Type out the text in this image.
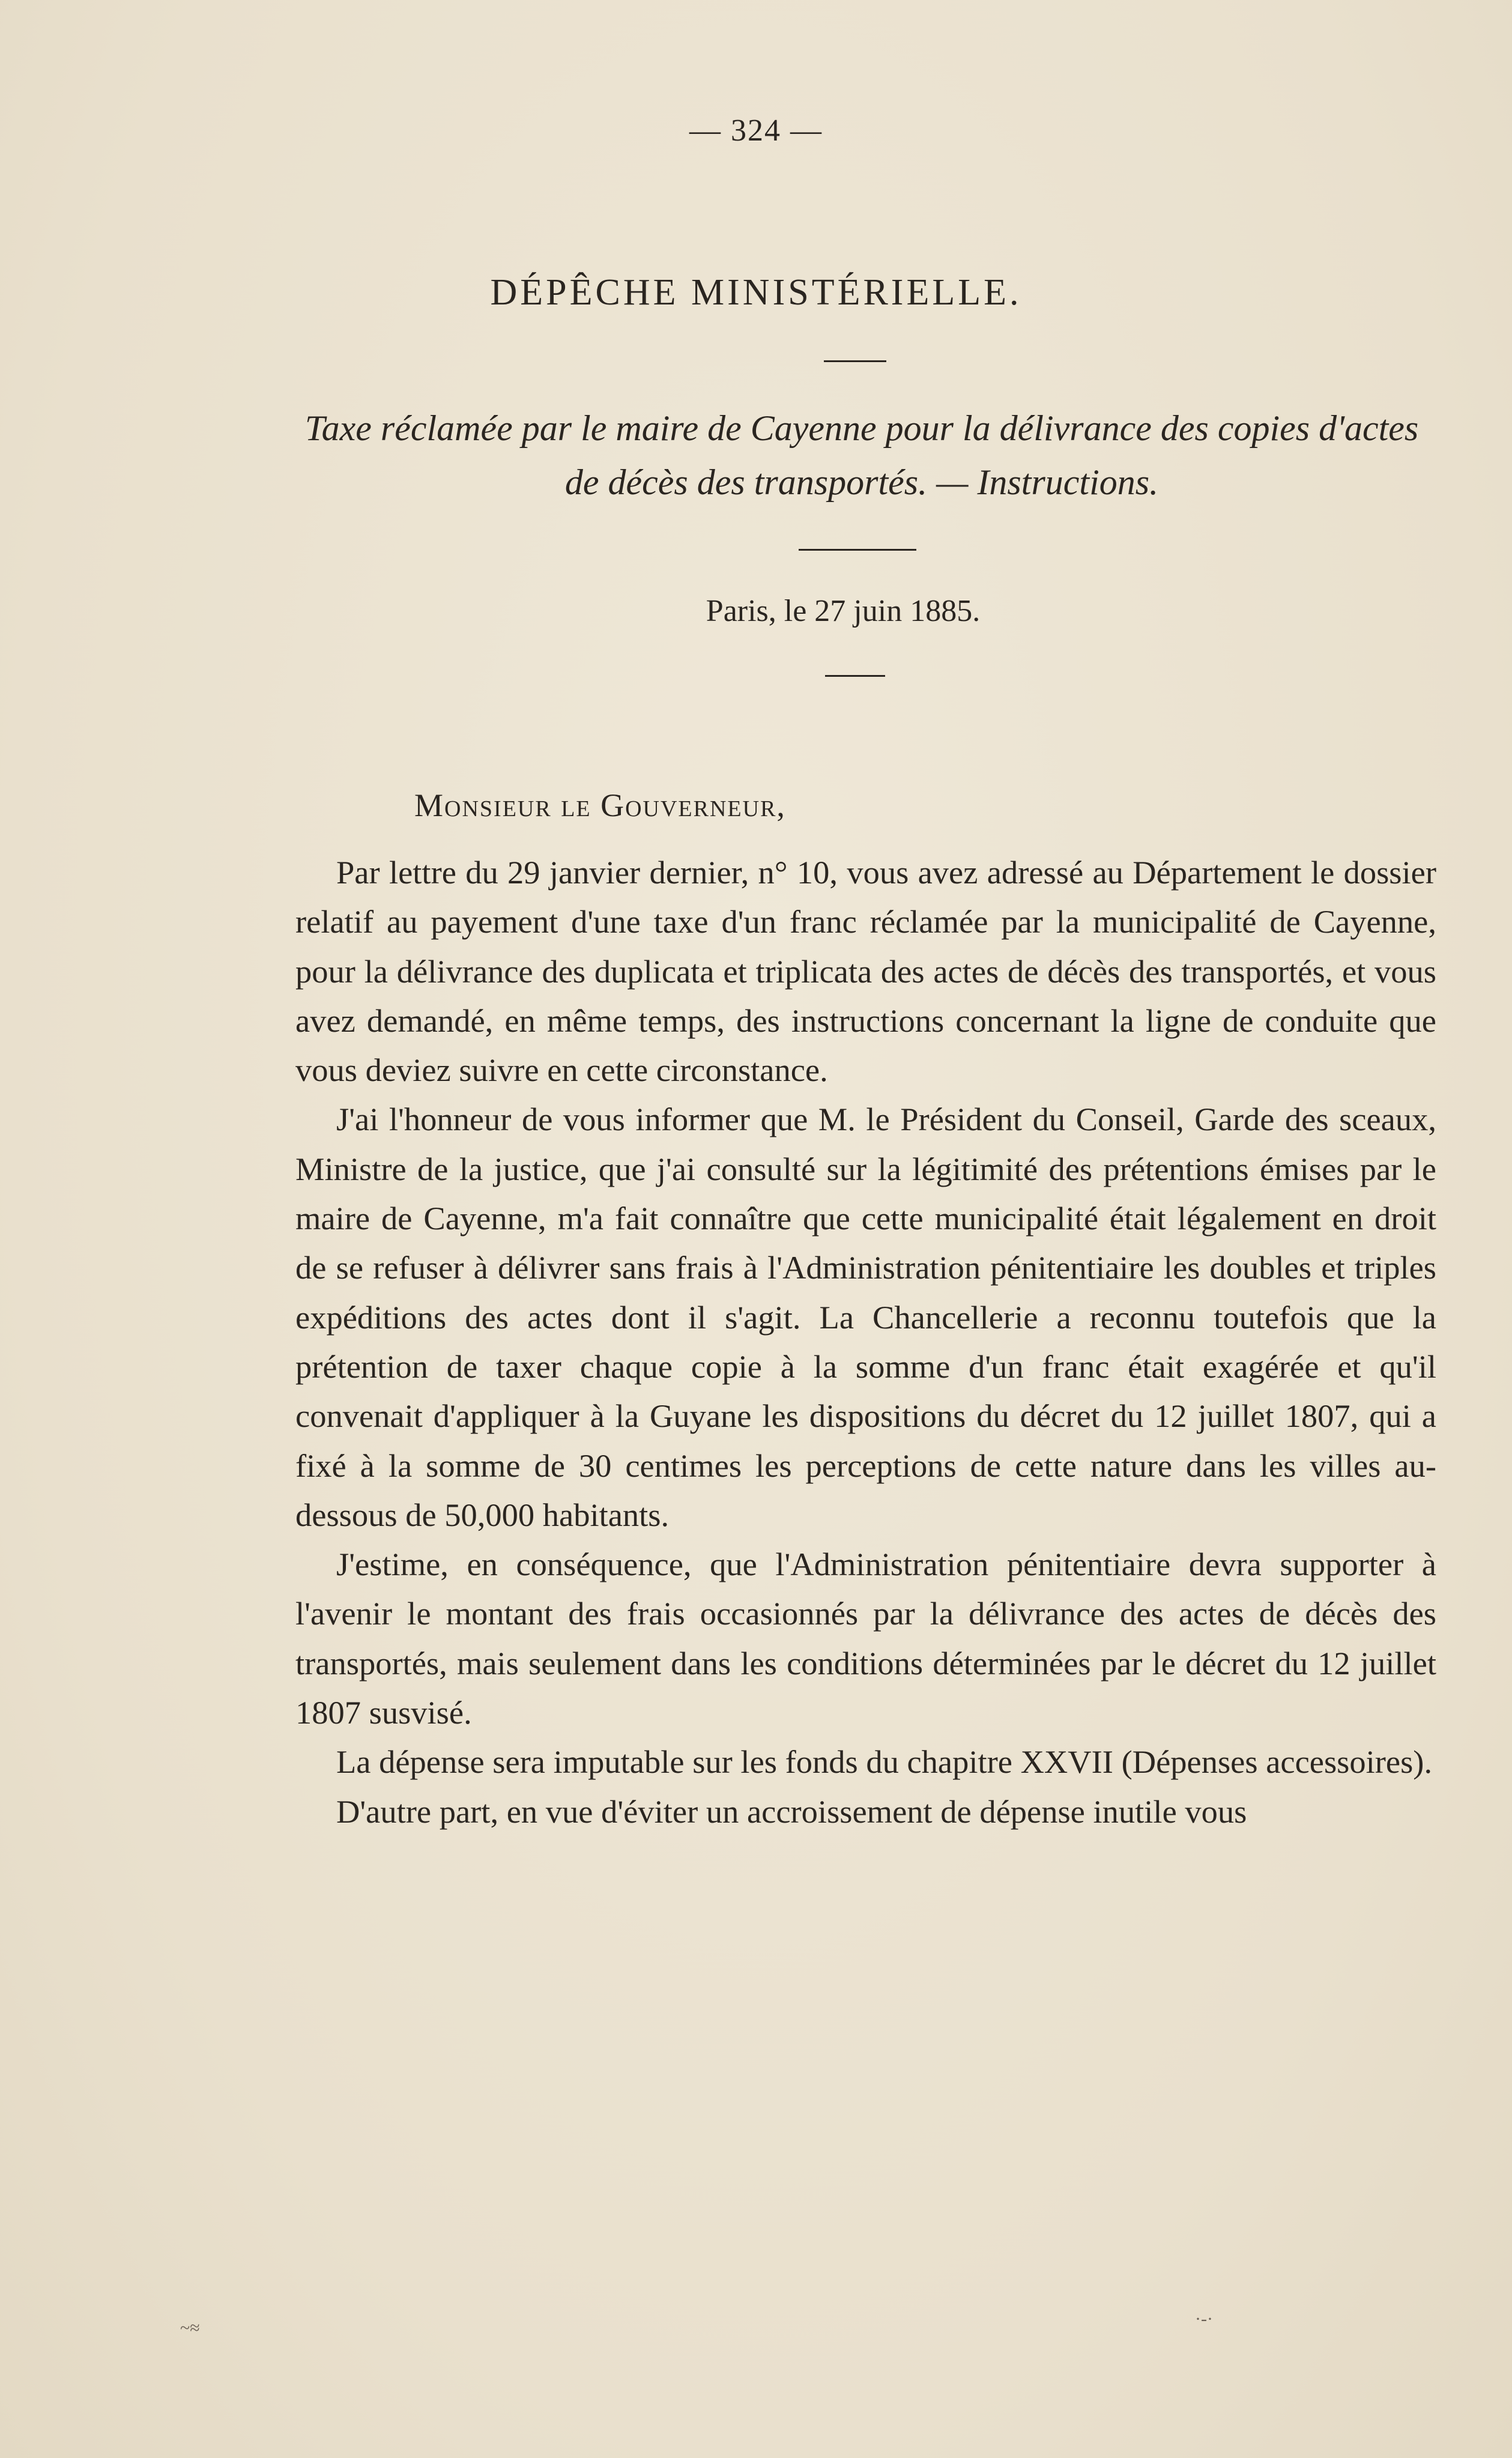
— 324 —
DÉPÊCHE MINISTÉRIELLE.
Taxe réclamée par le maire de Cayenne pour la délivrance des copies d'actes de décès des transportés. — Instructions.
Paris, le 27 juin 1885.
Monsieur le Gouverneur,

Par lettre du 29 janvier dernier, n° 10, vous avez adressé au Département le dossier relatif au payement d'une taxe d'un franc réclamée par la municipalité de Cayenne, pour la délivrance des duplicata et triplicata des actes de décès des transportés, et vous avez demandé, en même temps, des instructions concernant la ligne de conduite que vous deviez suivre en cette circonstance.

J'ai l'honneur de vous informer que M. le Président du Conseil, Garde des sceaux, Ministre de la justice, que j'ai consulté sur la légitimité des prétentions émises par le maire de Cayenne, m'a fait connaître que cette municipalité était légalement en droit de se refuser à délivrer sans frais à l'Administration pénitentiaire les doubles et triples expéditions des actes dont il s'agit. La Chancellerie a reconnu toutefois que la prétention de taxer chaque copie à la somme d'un franc était exagérée et qu'il convenait d'appliquer à la Guyane les dispositions du décret du 12 juillet 1807, qui a fixé à la somme de 30 centimes les perceptions de cette nature dans les villes au-dessous de 50,000 habitants.

J'estime, en conséquence, que l'Administration pénitentiaire devra supporter à l'avenir le montant des frais occasionnés par la délivrance des actes de décès des transportés, mais seulement dans les conditions déterminées par le décret du 12 juillet 1807 susvisé.

La dépense sera imputable sur les fonds du chapitre XXVII (Dépenses accessoires).

D'autre part, en vue d'éviter un accroissement de dépense inutile vous

~≈	·-·
